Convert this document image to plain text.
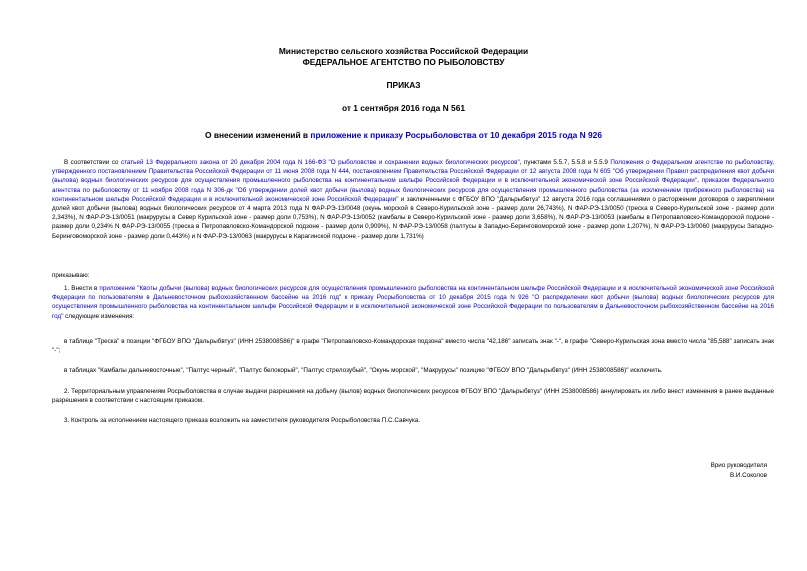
Министерство сельского хозяйства Российской Федерации
ФЕДЕРАЛЬНОЕ АГЕНТСТВО ПО РЫБОЛОВСТВУ
ПРИКАЗ
от 1 сентября 2016 года N 561
О внесении изменений в приложение к приказу Росрыболовства от 10 декабря 2015 года N 926
В соответствии со статьей 13 Федерального закона от 20 декабря 2004 года N 166-ФЗ "О рыболовстве и сохранении водных биологических ресурсов", пунктами 5.5.7, 5.5.8 и 5.5.9 Положения о Федеральном агентстве по рыболовству, утвержденного постановлением Правительства Российской Федерации от 11 июня 2008 года N 444, постановлением Правительства Российской Федерации от 12 августа 2008 года N 605 "Об утверждении Правил распределения квот добычи (вылова) водных биологических ресурсов для осуществления промышленного рыболовства на континентальном шельфе Российской Федерации и в исключительной экономической зоне Российской Федерации", приказом Федерального агентства по рыболовству от 11 ноября 2008 года N 306-дк "Об утверждении долей квот добычи (вылова) водных биологических ресурсов для осуществления промышленного рыболовства (за исключением прибрежного рыболовства) на континентальном шельфе Российской Федерации и в исключительной экономической зоне Российской Федерации" и заключенными с ФГБОУ ВПО "Дальрыбвтуз" 12 августа 2016 года соглашениями о расторжении договоров о закреплении долей квот добычи (вылова) водных биологических ресурсов от 4 марта 2013 года N ФАР-РЭ-13/0048 (окунь морской в Северо-Курильской зоне - размер доли 26,743%), N ФАР-РЭ-13/0050 (треска в Северо-Курильской зоне - размер доли 2,343%), N ФАР-РЭ-13/0051 (макрурусы в Север Курильской зоне - размер доли 0,753%), N ФАР-РЭ-13/0052 (камбалы в Северо-Курильской зоне - размер доли 3,658%), N ФАР-РЭ-13/0053 (камбалы в Петропавловско-Командорской подзоне - размер доли 0,234% N ФАР-РЭ-13/0055 (треска в Петропавловско-Командорской подзоне - размер доли 0,909%), N ФАР-РЭ-13/0058 (палтусы в Западно-Беринговоморской зоне - размер доли 1,207%), N ФАР-РЭ-13/0060 (макрурусы Западно-Беринговоморской зоне - размер доли 0,443%) и N ФАР-РЭ-13/0063 (макрурусы в Карагинской подзоне - размер доли 1,731%)
приказываю:
1. Внести в приложение "Квоты добычи (вылова) водных биологических ресурсов для осуществления промышленного рыболовства на континентальном шельфе Российской Федерации и в исключительной экономической зоне Российской Федерации по пользователям в Дальневосточном рыбохозяйственном бассейне на 2016 год" к приказу Росрыболовства от 10 декабря 2015 года N 926 "О распределении квот добычи (вылова) водных биологических ресурсов для осуществления промышленного рыболовства на континентальном шельфе Российской Федерации и в исключительной экономической зоне Российской Федерации по пользователям в Дальневосточном рыбохозяйственном бассейне на 2016 год" следующие изменения:
в таблице "Треска" в позиции "ФГБОУ ВПО "Дальрыбвтуз" (ИНН 2538008586)" в графе "Петропавловско-Командорская подзона" вместо числа "42,186" записать знак "-", в графе "Северо-Курильская зона вместо числа "85,588" записать знак "-";
в таблицах "Камбалы дальневосточные", "Палтус черный", "Палтус белокорый", "Палтус стрелозубый", "Окунь морской", "Макрурусы" позицию "ФГБОУ ВПО "Дальрыбвтуз" (ИНН 2538008586)" исключить.
2. Территориальным управлениям Росрыболовства в случае выдачи разрешения на добычу (вылов) водных биологических ресурсов ФГБОУ ВПО "Дальрыбвтуз" (ИНН 2538008586) аннулировать их либо внест изменения в ранее выданные разрешения в соответствии с настоящим приказом.
3. Контроль за исполнением настоящего приказа возложить на заместителя руководителя Росрыболовства П.С.Савчука.
Врио руководителя
В.И.Соколов
